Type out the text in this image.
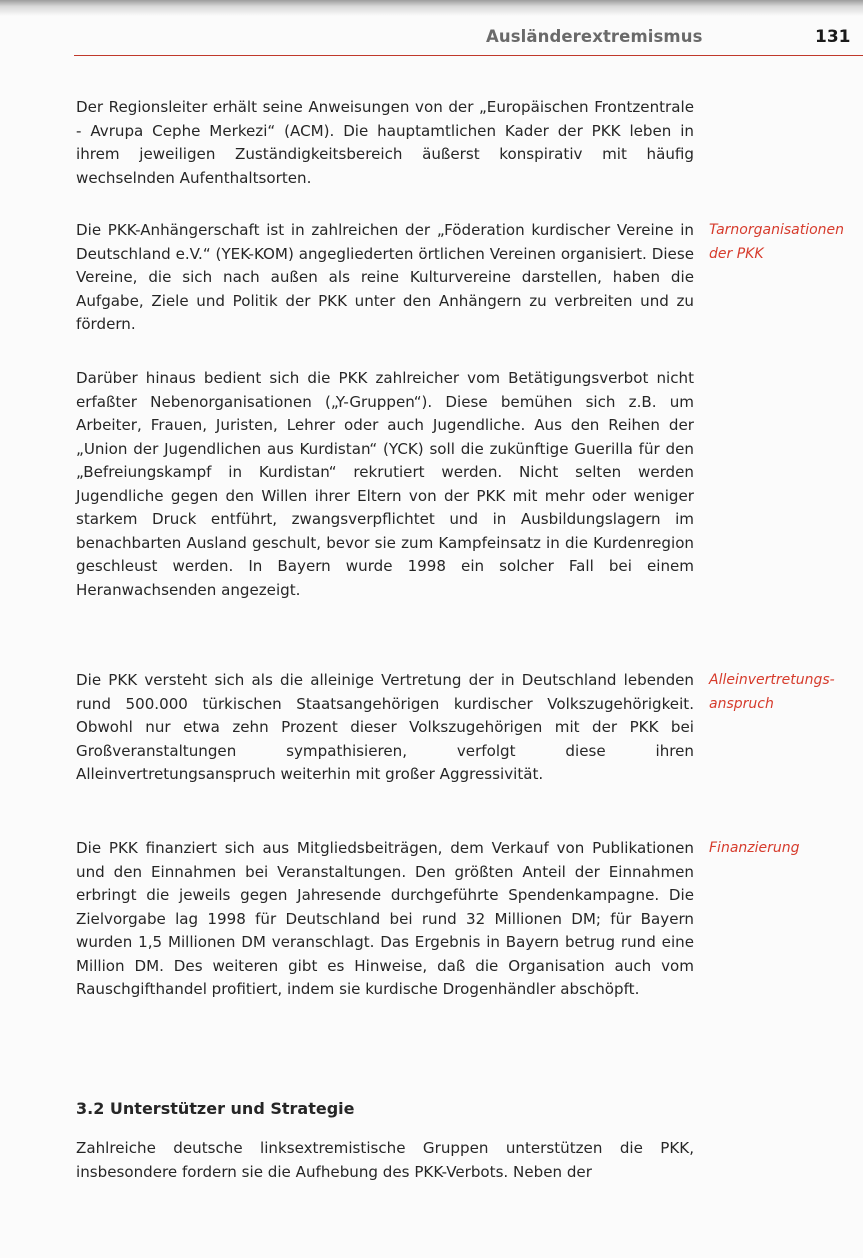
Ausländerextremismus	131

Der Regionsleiter erhält seine Anweisungen von der „Europäischen Frontzentrale - Avrupa Cephe Merkezi“ (ACM). Die hauptamtlichen Kader der PKK leben in ihrem jeweiligen Zuständigkeitsbereich äußerst konspirativ mit häufig wechselnden Aufenthaltsorten.

Die PKK-Anhängerschaft ist in zahlreichen der „Föderation kurdischer Vereine in Deutschland e.V.“ (YEK-KOM) angegliederten örtlichen Vereinen organisiert. Diese Vereine, die sich nach außen als reine Kulturvereine darstellen, haben die Aufgabe, Ziele und Politik der PKK unter den Anhängern zu verbreiten und zu fördern.

Tarnorganisationen der PKK

Darüber hinaus bedient sich die PKK zahlreicher vom Betätigungsverbot nicht erfaßter Nebenorganisationen („Y-Gruppen“). Diese bemühen sich z.B. um Arbeiter, Frauen, Juristen, Lehrer oder auch Jugendliche. Aus den Reihen der „Union der Jugendlichen aus Kurdistan“ (YCK) soll die zukünftige Guerilla für den „Befreiungskampf in Kurdistan“ rekrutiert werden. Nicht selten werden Jugendliche gegen den Willen ihrer Eltern von der PKK mit mehr oder weniger starkem Druck entführt, zwangsverpflichtet und in Ausbildungslagern im benachbarten Ausland geschult, bevor sie zum Kampfeinsatz in die Kurdenregion geschleust werden. In Bayern wurde 1998 ein solcher Fall bei einem Heranwachsenden angezeigt.

Die PKK versteht sich als die alleinige Vertretung der in Deutschland lebenden rund 500.000 türkischen Staatsangehörigen kurdischer Volkszugehörigkeit. Obwohl nur etwa zehn Prozent dieser Volkszugehörigen mit der PKK bei Großveranstaltungen sympathisieren, verfolgt diese ihren Alleinvertretungsanspruch weiterhin mit großer Aggressivität.

Alleinvertretungs-anspruch

Die PKK finanziert sich aus Mitgliedsbeiträgen, dem Verkauf von Publikationen und den Einnahmen bei Veranstaltungen. Den größten Anteil der Einnahmen erbringt die jeweils gegen Jahresende durchgeführte Spendenkampagne. Die Zielvorgabe lag 1998 für Deutschland bei rund 32 Millionen DM; für Bayern wurden 1,5 Millionen DM veranschlagt. Das Ergebnis in Bayern betrug rund eine Million DM. Des weiteren gibt es Hinweise, daß die Organisation auch vom Rauschgifthandel profitiert, indem sie kurdische Drogenhändler abschöpft.

Finanzierung

3.2 Unterstützer und Strategie

Zahlreiche deutsche linksextremistische Gruppen unterstützen die PKK, insbesondere fordern sie die Aufhebung des PKK-Verbots. Neben der
